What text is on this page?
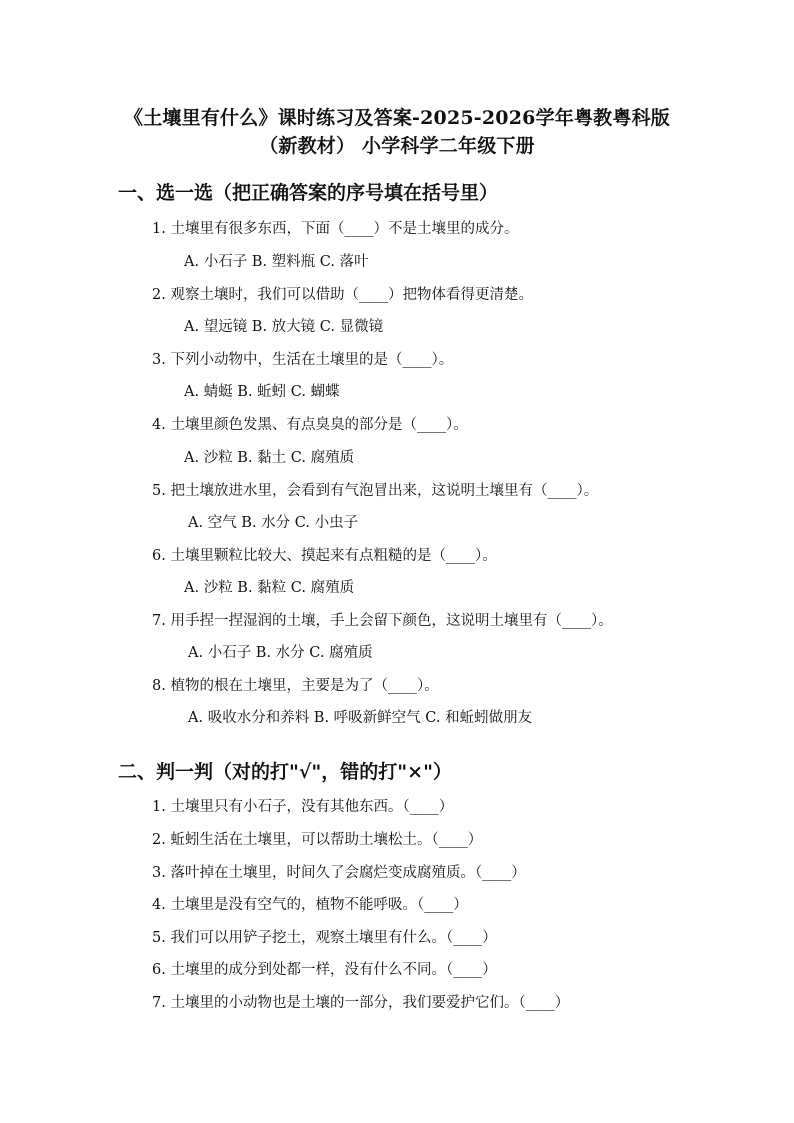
《土壤里有什么》课时练习及答案-2025-2026学年粤教粤科版
（新教材） 小学科学二年级下册
一、选一选（把正确答案的序号填在括号里）
1. 土壤里有很多东西，下面（____）不是土壤里的成分。
A. 小石子 B. 塑料瓶 C. 落叶
2. 观察土壤时，我们可以借助（____）把物体看得更清楚。
A. 望远镜 B. 放大镜 C. 显微镜
3. 下列小动物中，生活在土壤里的是（____）。
A. 蜻蜓 B. 蚯蚓 C. 蝴蝶
4. 土壤里颜色发黑、有点臭臭的部分是（____）。
A. 沙粒 B. 黏土 C. 腐殖质
5. 把土壤放进水里，会看到有气泡冒出来，这说明土壤里有（____）。
A. 空气 B. 水分 C. 小虫子
6. 土壤里颗粒比较大、摸起来有点粗糙的是（____）。
A. 沙粒 B. 黏粒 C. 腐殖质
7. 用手捏一捏湿润的土壤，手上会留下颜色，这说明土壤里有（____）。
A. 小石子 B. 水分 C. 腐殖质
8. 植物的根在土壤里，主要是为了（____）。
A. 吸收水分和养料 B. 呼吸新鲜空气 C. 和蚯蚓做朋友
二、判一判（对的打"√"，错的打"×"）
1. 土壤里只有小石子，没有其他东西。（____）
2. 蚯蚓生活在土壤里，可以帮助土壤松土。（____）
3. 落叶掉在土壤里，时间久了会腐烂变成腐殖质。（____）
4. 土壤里是没有空气的，植物不能呼吸。（____）
5. 我们可以用铲子挖土，观察土壤里有什么。（____）
6. 土壤里的成分到处都一样，没有什么不同。（____）
7. 土壤里的小动物也是土壤的一部分，我们要爱护它们。（____）
